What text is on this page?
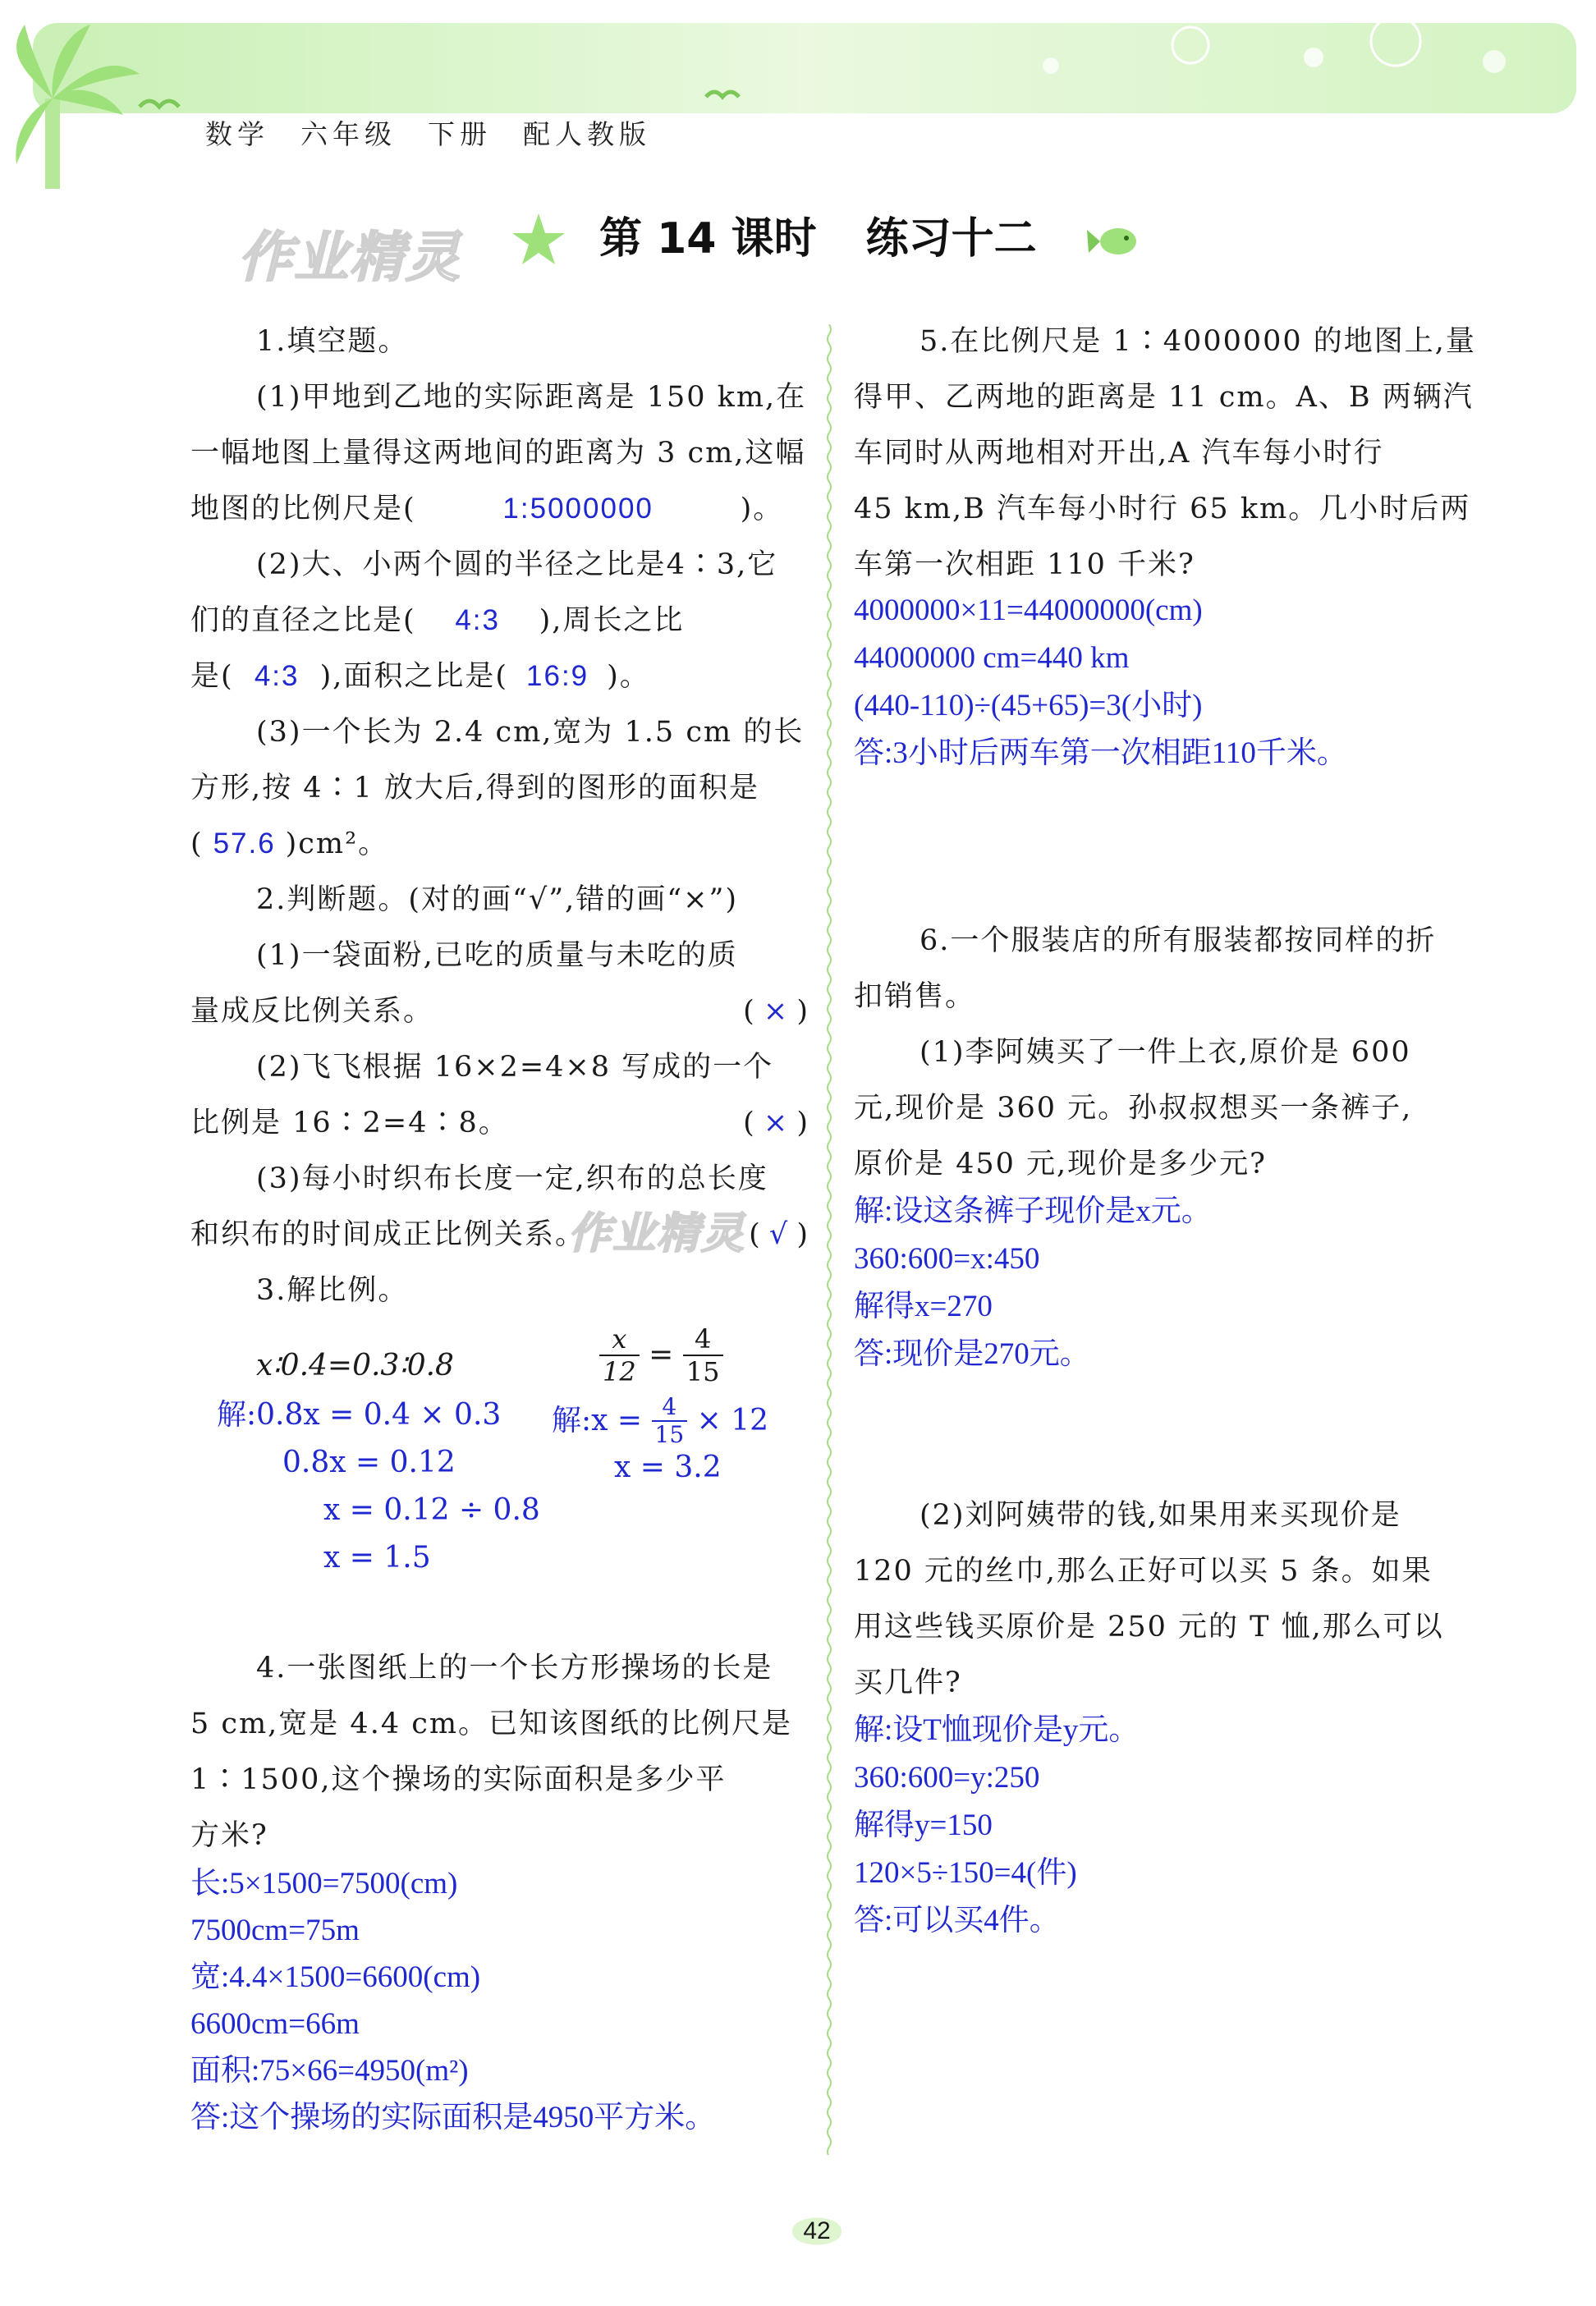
数学 六年级 下册 配人教版
作业精灵	第 14 课时 练习十二
1.填空题。
(1)甲地到乙地的实际距离是 150 km,在
一幅地图上量得这两地间的距离为 3 cm,这幅
地图的比例尺是(	1:5000000	)。
(2)大、小两个圆的半径之比是4∶3,它
们的直径之比是( 4:3 ),周长之比
是( 4:3 ),面积之比是( 16:9 )。
(3)一个长为 2.4 cm,宽为 1.5 cm 的长
方形,按 4∶1 放大后,得到的图形的面积是
( 57.6 )cm²。
2.判断题。(对的画“√”,错的画“×”)
(1)一袋面粉,已吃的质量与未吃的质
量成反比例关系。	( × )
(2)飞飞根据 16×2=4×8 写成的一个
比例是 16∶2=4∶8。	( × )
(3)每小时织布长度一定,织布的总长度
和织布的时间成正比例关系。	( √ )
作业精灵
3.解比例。
x∶0.4=0.3∶0.8
解:0.8x = 0.4 × 0.3
0.8x = 0.12
x = 0.12 ÷ 0.8
x = 1.5
$\frac{x}{12} = \frac{4}{15}$
解:x = $\frac{4}{15} \times 12$
x = 3.2
4.一张图纸上的一个长方形操场的长是
5 cm,宽是 4.4 cm。已知该图纸的比例尺是
1∶1500,这个操场的实际面积是多少平
方米?
长:5×1500=7500(cm)
7500cm=75m
宽:4.4×1500=6600(cm)
6600cm=66m
面积:75×66=4950(m²)
答:这个操场的实际面积是4950平方米。
5.在比例尺是 1∶4000000 的地图上,量
得甲、乙两地的距离是 11 cm。A、B 两辆汽
车同时从两地相对开出,A 汽车每小时行
45 km,B 汽车每小时行 65 km。几小时后两
车第一次相距 110 千米?
4000000×11=44000000(cm)
44000000 cm=440 km
(440-110)÷(45+65)=3(小时)
答:3小时后两车第一次相距110千米。
6.一个服装店的所有服装都按同样的折
扣销售。
(1)李阿姨买了一件上衣,原价是 600
元,现价是 360 元。孙叔叔想买一条裤子,
原价是 450 元,现价是多少元?
解:设这条裤子现价是x元。
360:600=x:450
解得x=270
答:现价是270元。
(2)刘阿姨带的钱,如果用来买现价是
120 元的丝巾,那么正好可以买 5 条。如果
用这些钱买原价是 250 元的 T 恤,那么可以
买几件?
解:设T恤现价是y元。
360:600=y:250
解得y=150
120×5÷150=4(件)
答:可以买4件。
42
